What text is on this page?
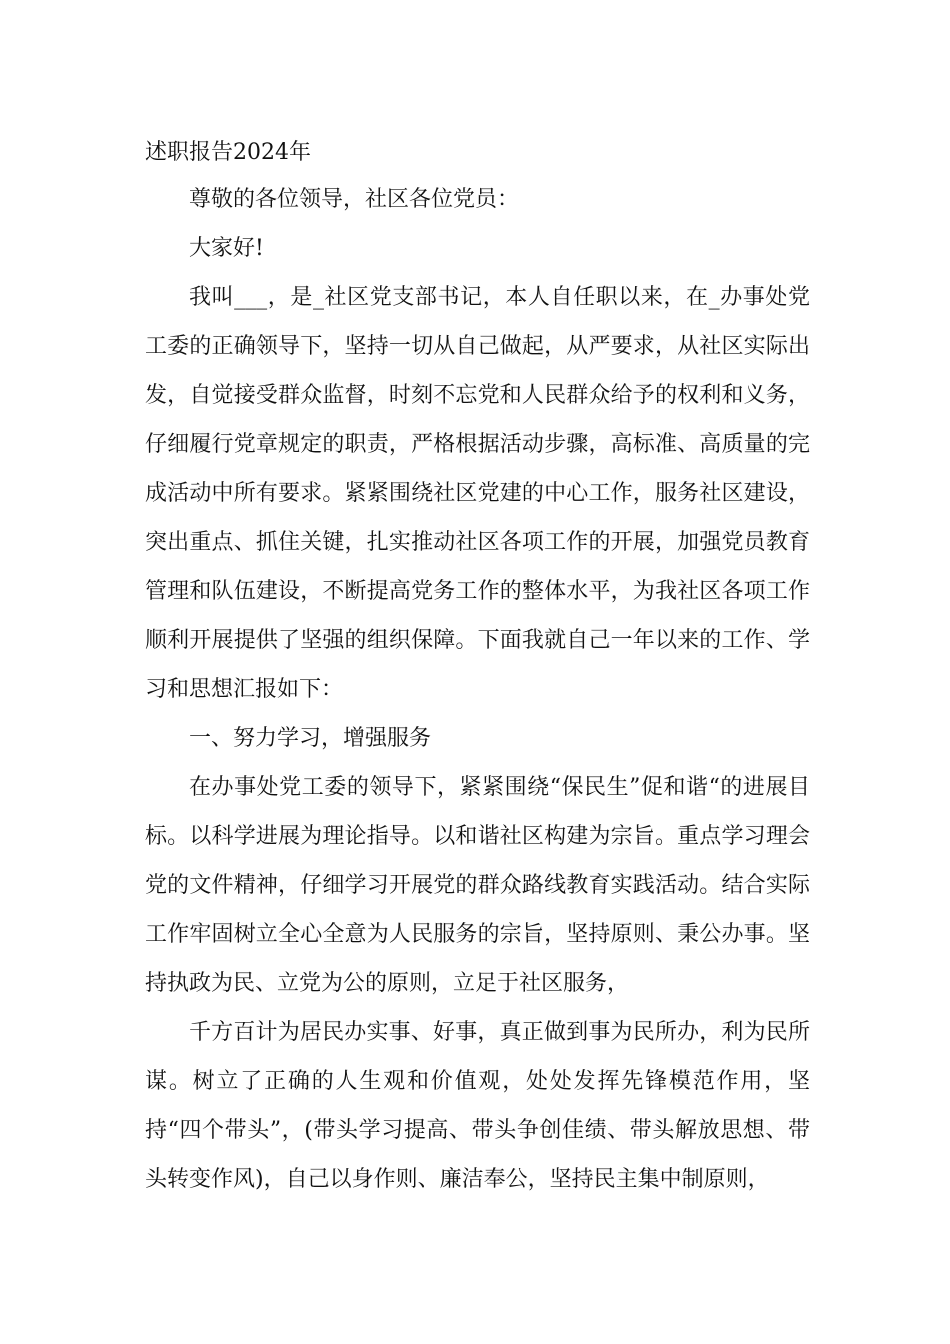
述职报告2024年

尊敬的各位领导，社区各位党员：

大家好!

我叫___，是_社区党支部书记，本人自任职以来，在_办事处党工委的正确领导下，坚持一切从自己做起，从严要求，从社区实际出发，自觉接受群众监督，时刻不忘党和人民群众给予的权利和义务，仔细履行党章规定的职责，严格根据活动步骤，高标准、高质量的完成活动中所有要求。紧紧围绕社区党建的中心工作，服务社区建设，突出重点、抓住关键，扎实推动社区各项工作的开展，加强党员教育管理和队伍建设，不断提高党务工作的整体水平，为我社区各项工作顺利开展提供了坚强的组织保障。下面我就自己一年以来的工作、学习和思想汇报如下：

一、努力学习，增强服务

在办事处党工委的领导下，紧紧围绕“保民生”促和谐“的进展目标。以科学进展为理论指导。以和谐社区构建为宗旨。重点学习理会党的文件精神，仔细学习开展党的群众路线教育实践活动。结合实际工作牢固树立全心全意为人民服务的宗旨，坚持原则、秉公办事。坚持执政为民、立党为公的原则，立足于社区服务，

千方百计为居民办实事、好事，真正做到事为民所办，利为民所谋。树立了正确的人生观和价值观，处处发挥先锋模范作用，坚持“四个带头”，(带头学习提高、带头争创佳绩、带头解放思想、带头转变作风)，自己以身作则、廉洁奉公，坚持民主集中制原则，
